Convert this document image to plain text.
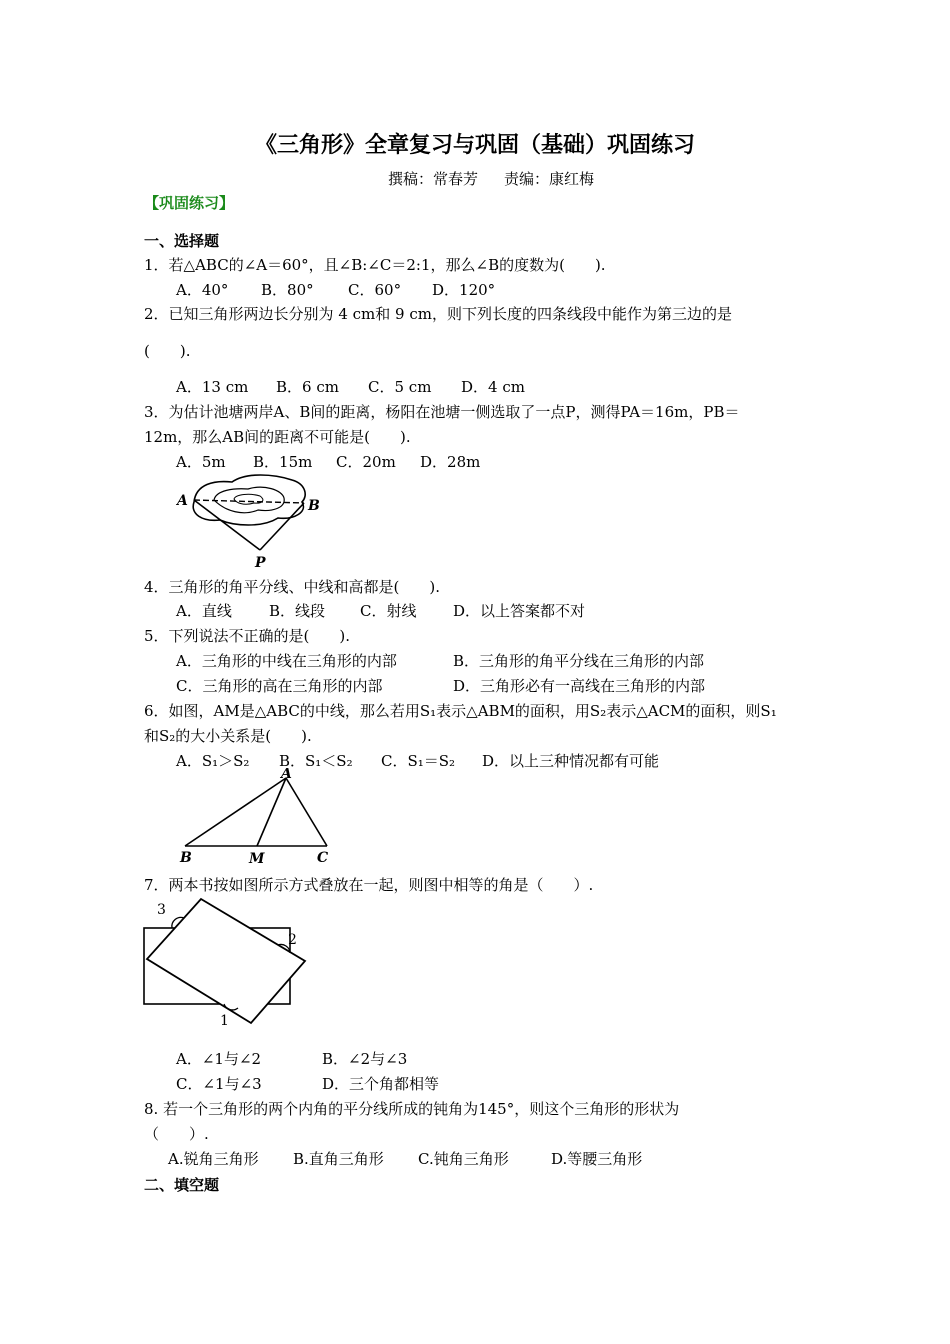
《三角形》全章复习与巩固（基础）巩固练习
撰稿：常春芳 责编：康红梅
【巩固练习】
一、选择题
1．若△ABC的∠A＝60°，且∠B:∠C＝2:1，那么∠B的度数为(　　).
A．40° B．80° C．60° D．120°
2．已知三角形两边长分别为 4 cm和 9 cm，则下列长度的四条线段中能作为第三边的是
(　　).
A．13 cm B．6 cm C．5 cm D．4 cm
3．为估计池塘两岸A、B间的距离，杨阳在池塘一侧选取了一点P，测得PA＝16m，PB＝
12m，那么AB间的距离不可能是(　　).
A．5m B．15m C．20m D．28m
A	B
P
4．三角形的角平分线、中线和高都是(　　).
A．直线 B．线段 C．射线 D．以上答案都不对
5．下列说法不正确的是(　　).
A．三角形的中线在三角形的内部	B．三角形的角平分线在三角形的内部
C．三角形的高在三角形的内部	D．三角形必有一高线在三角形的内部
6．如图，AM是△ABC的中线，那么若用S₁表示△ABM的面积，用S₂表示△ACM的面积，则S₁
和S₂的大小关系是(　　).
A．S₁＞S₂ B．S₁＜S₂ C．S₁＝S₂ D．以上三种情况都有可能
A
B	M	C
7．两本书按如图所示方式叠放在一起，则图中相等的角是（　　）.
3
2
1
A．∠1与∠2	B．∠2与∠3
C．∠1与∠3	D．三个角都相等
8. 若一个三角形的两个内角的平分线所成的钝角为145°，则这个三角形的形状为
（　　）.
A.锐角三角形 B.直角三角形 C.钝角三角形	D.等腰三角形
二、填空题
